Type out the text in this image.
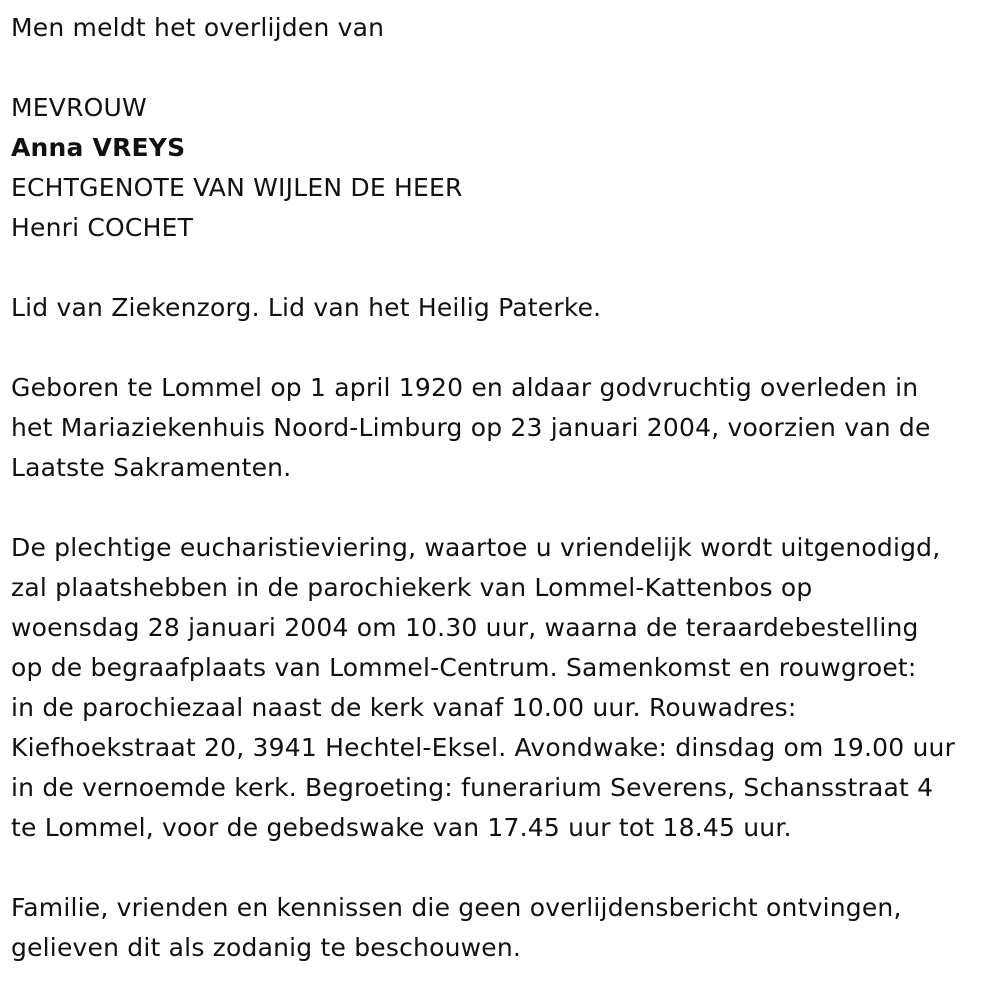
Men meldt het overlijden van
MEVROUW
Anna VREYS
ECHTGENOTE VAN WIJLEN DE HEER
Henri COCHET
Lid van Ziekenzorg. Lid van het Heilig Paterke.
Geboren te Lommel op 1 april 1920 en aldaar godvruchtig overleden in
het Mariaziekenhuis Noord-Limburg op 23 januari 2004, voorzien van de
Laatste Sakramenten.
De plechtige eucharistieviering, waartoe u vriendelijk wordt uitgenodigd,
zal plaatshebben in de parochiekerk van Lommel-Kattenbos op
woensdag 28 januari 2004 om 10.30 uur, waarna de teraardebestelling
op de begraafplaats van Lommel-Centrum. Samenkomst en rouwgroet:
in de parochiezaal naast de kerk vanaf 10.00 uur. Rouwadres:
Kiefhoekstraat 20, 3941 Hechtel-Eksel. Avondwake: dinsdag om 19.00 uur
in de vernoemde kerk. Begroeting: funerarium Severens, Schansstraat 4
te Lommel, voor de gebedswake van 17.45 uur tot 18.45 uur.
Familie, vrienden en kennissen die geen overlijdensbericht ontvingen,
gelieven dit als zodanig te beschouwen.
